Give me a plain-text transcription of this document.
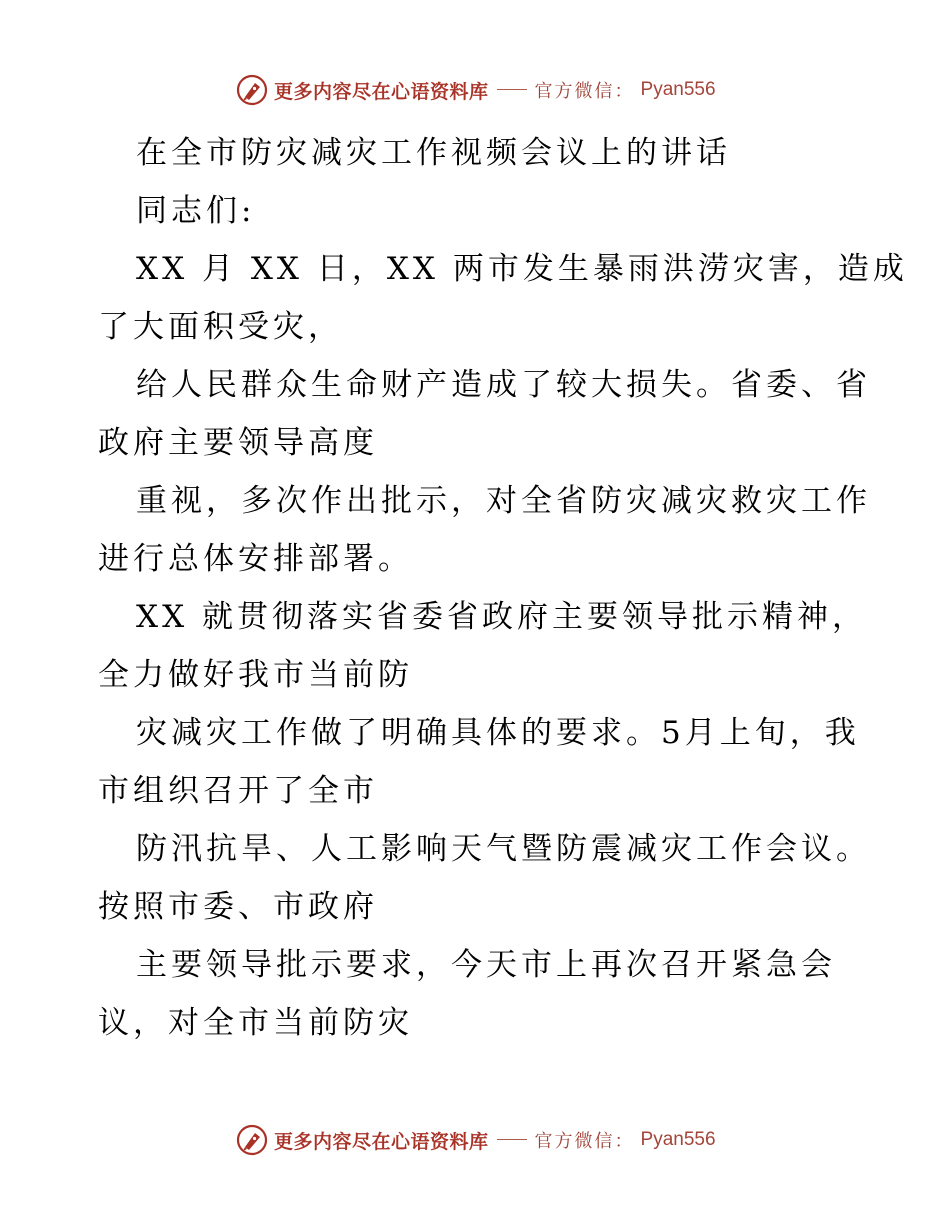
更多内容尽在心语资料库	官方微信： Pyan556
在全市防灾减灾工作视频会议上的讲话
同志们:
XX 月 XX 日，XX 两市发生暴雨洪涝灾害，造成
了大面积受灾，
给人民群众生命财产造成了较大损失。省委、省
政府主要领导高度
重视，多次作出批示，对全省防灾减灾救灾工作
进行总体安排部署。
XX 就贯彻落实省委省政府主要领导批示精神，
全力做好我市当前防
灾减灾工作做了明确具体的要求。5月上旬，我
市组织召开了全市
防汛抗旱、人工影响天气暨防震减灾工作会议。
按照市委、市政府
主要领导批示要求，今天市上再次召开紧急会
议，对全市当前防灾
更多内容尽在心语资料库	官方微信： Pyan556
